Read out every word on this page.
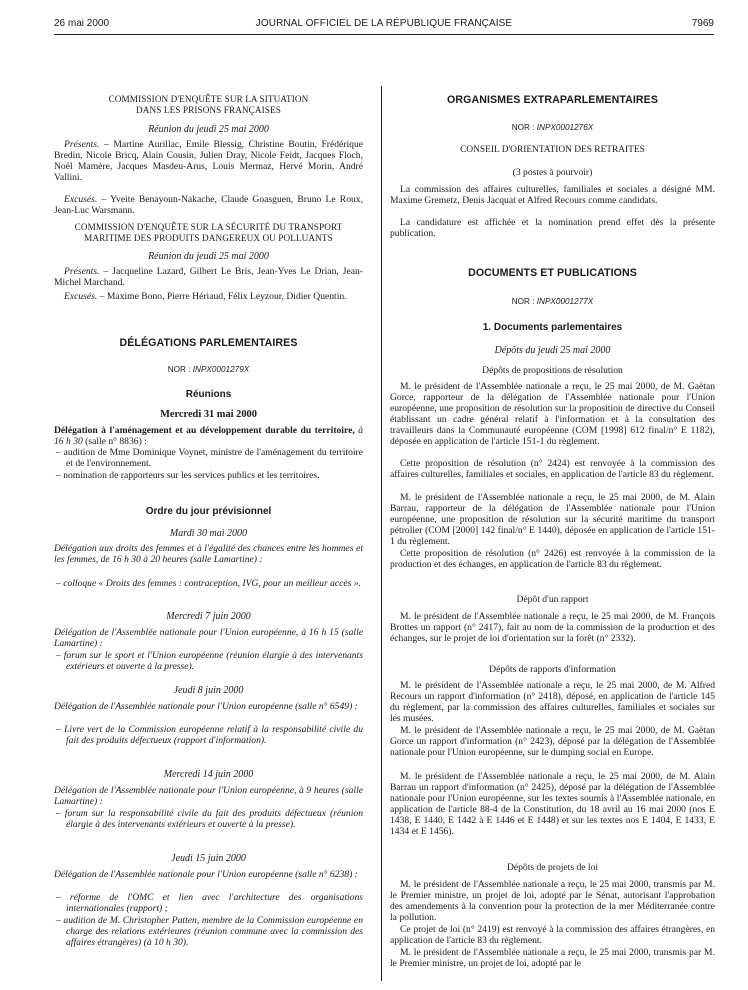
26 mai 2000	JOURNAL OFFICIEL DE LA RÉPUBLIQUE FRANÇAISE	7969
COMMISSION D'ENQUÊTE SUR LA SITUATION
DANS LES PRISONS FRANÇAISES
Réunion du jeudi 25 mai 2000
Présents. – Martine Aurillac, Emile Blessig, Christine Boutin, Frédérique Bredin, Nicole Bricq, Alain Cousin, Julien Dray, Nicole Feidt, Jacques Floch, Noël Mamère, Jacques Masdeu-Arus, Louis Mermaz, Hervé Morin, André Vallini.
Excusés. – Yveite Benayoun-Nakache, Claude Goasguen, Bruno Le Roux, Jean-Luc Warsmann.
COMMISSION D'ENQUÊTE SUR LA SÉCURITÉ DU TRANSPORT
MARITIME DES PRODUITS DANGEREUX OU POLLUANTS
Réunion du jeudi 25 mai 2000
Présents. – Jacqueline Lazard, Gilbert Le Bris, Jean-Yves Le Drian, Jean-Michel Marchand.
Excusés. – Maxime Bono, Pierre Hériaud, Félix Leyzour, Didier Quentin.
DÉLÉGATIONS PARLEMENTAIRES
NOR : INPX0001279X
Réunions
Mercredi 31 mai 2000
Délégation à l'aménagement et au développement durable du territoire, à 16 h 30 (salle n° 8836) :
– audition de Mme Dominique Voynet, ministre de l'aménagement du territoire et de l'environnement.
– nomination de rapporteurs sur les services publics et les territoires.
Ordre du jour prévisionnel
Mardi 30 mai 2000
Délégation aux droits des femmes et à l'égalité des chances entre les hommes et les femmes, de 16 h 30 à 20 heures (salle Lamartine) :
– colloque « Droits des femmes : contraception, IVG, pour un meilleur accès ».
Mercredi 7 juin 2000
Délégation de l'Assemblée nationale pour l'Union européenne, à 16 h 15 (salle Lamartine) :
– forum sur le sport et l'Union européenne (réunion élargie à des intervenants extérieurs et ouverte à la presse).
Jeudi 8 juin 2000
Délégation de l'Assemblée nationale pour l'Union européenne (salle n° 6549) :
– Livre vert de la Commission européenne relatif à la responsabilité civile du fait des produits défectueux (rapport d'information).
Mercredi 14 juin 2000
Délégation de l'Assemblée nationale pour l'Union européenne, à 9 heures (salle Lamartine) :
– forum sur la responsabilité civile du fait des produits défectueux (réunion élargie à des intervenants extérieurs et ouverte à la presse).
Jeudi 15 juin 2000
Délégation de l'Assemblée nationale pour l'Union européenne (salle n° 6238) :
– réforme de l'OMC et lien avec l'architecture des organisations internationales (rapport) ;
– audition de M. Christopher Patten, membre de la Commission européenne en charge des relations extérieures (réunion commune avec la commission des affaires étrangères) (à 10 h 30).
ORGANISMES EXTRAPARLEMENTAIRES
NOR : INPX0001276X
CONSEIL D'ORIENTATION DES RETRAITES
(3 postes à pourvoir)
La commission des affaires culturelles, familiales et sociales a désigné MM. Maxime Gremetz, Denis Jacquat et Alfred Recours comme candidats.
La candidature est affichée et la nomination prend effet dès la présente publication.
DOCUMENTS ET PUBLICATIONS
NOR : INPX0001277X
1. Documents parlementaires
Dépôts du jeudi 25 mai 2000
Dépôts de propositions de résolution
M. le président de l'Assemblée nationale a reçu, le 25 mai 2000, de M. Gaëtan Gorce, rapporteur de la délégation de l'Assemblée nationale pour l'Union européenne, une proposition de résolution sur la proposition de directive du Conseil établissant un cadre général relatif à l'information et à la consultation des travailleurs dans la Communauté européenne (COM [1998] 612 final/n° E 1182), déposée en application de l'article 151-1 du règlement.
Cette proposition de résolution (n° 2424) est renvoyée à la commission des affaires culturelles, familiales et sociales, en application de l'article 83 du règlement.
M. le président de l'Assemblée nationale a reçu, le 25 mai 2000, de M. Alain Barrau, rapporteur de la délégation de l'Assemblée nationale pour l'Union européenne, une proposition de résolution sur la sécurité maritime du transport pétrolier (COM [2000] 142 final/n° E 1440), déposée en application de l'article 151-1 du règlement.
Cette proposition de résolution (n° 2426) est renvoyée à la commission de la production et des échanges, en application de l'article 83 du règlement.
Dépôt d'un rapport
M. le président de l'Assemblée nationale a reçu, le 25 mai 2000, de M. François Brottes un rapport (n° 2417), fait au nom de la commission de la production et des échanges, sur le projet de loi d'orientation sur la forêt (n° 2332).
Dépôts de rapports d'information
M. le président de l'Assemblée nationale a reçu, le 25 mai 2000, de M. Alfred Recours un rapport d'information (n° 2418), déposé, en application de l'article 145 du règlement, par la commission des affaires culturelles, familiales et sociales sur les musées.
M. le président de l'Assemblée nationale a reçu, le 25 mai 2000, de M. Gaëtan Gorce un rapport d'information (n° 2423), déposé par la délégation de l'Assemblée nationale pour l'Union européenne, sur le dumping social en Europe.
M. le président de l'Assemblée nationale a reçu, le 25 mai 2000, de M. Alain Barrau un rapport d'information (n° 2425), déposé par la délégation de l'Assemblée nationale pour l'Union européenne, sur les textes soumis à l'Assemblée nationale, en application de l'article 88-4 de la Constitution, du 18 avril au 16 mai 2000 (nos E 1438, E 1440, E 1442 à E 1446 et E 1448) et sur les textes nos E 1404, E 1433, E 1434 et E 1456).
Dépôts de projets de loi
M. le président de l'Assemblée nationale a reçu, le 25 mai 2000, transmis par M. le Premier ministre, un projet de loi, adopté par le Sénat, autorisant l'approbation des amendements à la convention pour la protection de la mer Méditerranée contre la pollution.
Ce projet de loi (n° 2419) est renvoyé à la commission des affaires étrangères, en application de l'article 83 du règlement.
M. le président de l'Assemblée nationale a reçu, le 25 mai 2000, transmis par M. le Premier ministre, un projet de loi, adopté par le
